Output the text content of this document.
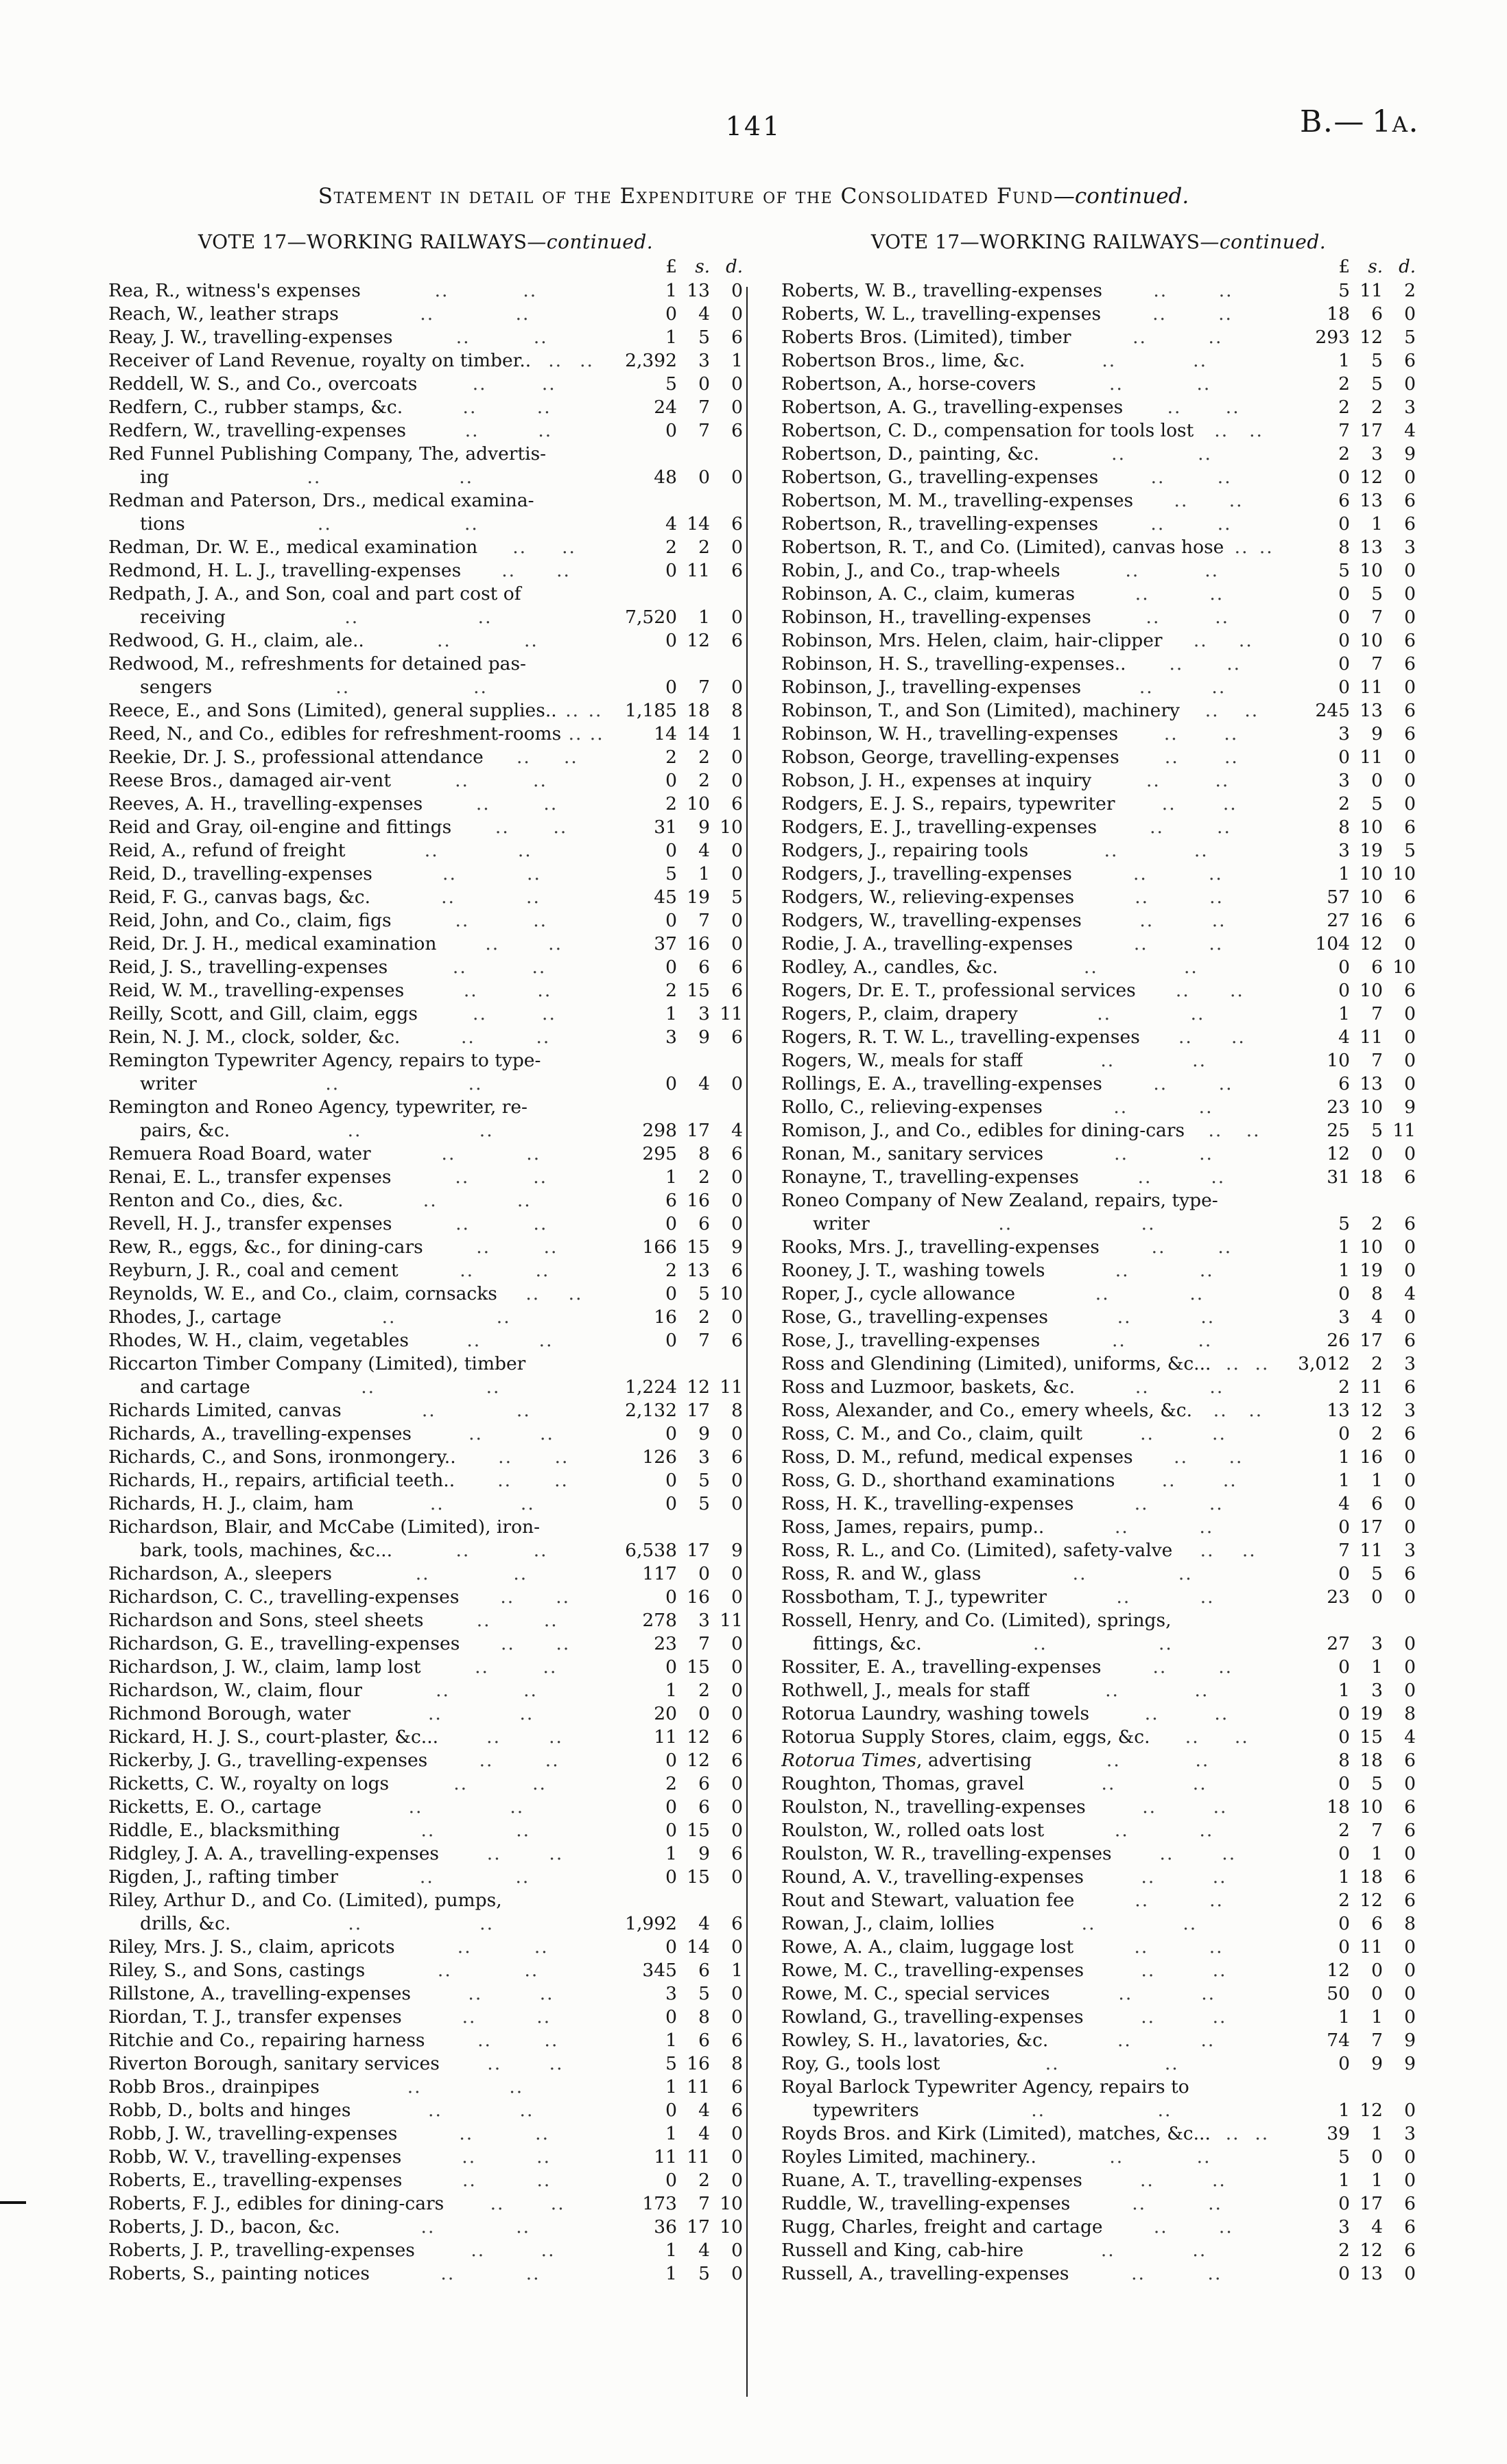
141	B.— 1a.
Statement in detail of the Expenditure of the Consolidated Fund—continued.
VOTE 17—WORKING RAILWAYS—continued.
£	s. d.
Rea, R., witness's expenses	..	..	1 13	0
Reach, W., leather straps	..	..	0	4	0
Reay, J. W., travelling-expenses	..	..	1	5	6
Receiver of Land Revenue, royalty on timber.. .. ..	2,392	3	1
Reddell, W. S., and Co., overcoats	..	..	5	0	0
Redfern, C., rubber stamps, &c.	..	..	24	7	0
Redfern, W., travelling-expenses	..	..	0	7	6
Red Funnel Publishing Company, The, advertis-
ing	..	..	48	0	0
Redman and Paterson, Drs., medical examina-
tions	..	..	4 14	6
Redman, Dr. W. E., medical examination .. ..	2	2	0
Redmond, H. L. J., travelling-expenses .. ..	0 11	6
Redpath, J. A., and Son, coal and part cost of
receiving	..	..	7,520	1	0
Redwood, G. H., claim, ale..	..	..	0 12	6
Redwood, M., refreshments for detained pas-
sengers	..	..	0	7	0
Reece, E., and Sons (Limited), general supplies.. .. ..	1,185 18	8
Reed, N., and Co., edibles for refreshment-rooms .. ..	14 14	1
Reekie, Dr. J. S., professional attendance .. ..	2	2	0
Reese Bros., damaged air-vent	..	..	0	2	0
Reeves, A. H., travelling-expenses	..	..	2 10	6
Reid and Gray, oil-engine and fittings .. ..	31	9 10
Reid, A., refund of freight	..	..	0	4	0
Reid, D., travelling-expenses	..	..	5	1	0
Reid, F. G., canvas bags, &c.	..	..	45 19	5
Reid, John, and Co., claim, figs	..	..	0	7	0
Reid, Dr. J. H., medical examination	..	..	37 16	0
Reid, J. S., travelling-expenses	..	..	0	6	6
Reid, W. M., travelling-expenses	..	..	2 15	6
Reilly, Scott, and Gill, claim, eggs	..	..	1	3 11
Rein, N. J. M., clock, solder, &c.	..	..	3	9	6
Remington Typewriter Agency, repairs to type-
writer	..	..	0	4	0
Remington and Roneo Agency, typewriter, re-
pairs, &c.	..	..	298 17	4
Remuera Road Board, water	..	..	295	8	6
Renai, E. L., transfer expenses	..	..	1	2	0
Renton and Co., dies, &c.	..	..	6 16	0
Revell, H. J., transfer expenses	..	..	0	6	0
Rew, R., eggs, &c., for dining-cars	..	..	166 15	9
Reyburn, J. R., coal and cement	..	..	2 13	6
Reynolds, W. E., and Co., claim, cornsacks .. ..	0	5 10
Rhodes, J., cartage	..	..	16	2	0
Rhodes, W. H., claim, vegetables	..	..	0	7	6
Riccarton Timber Company (Limited), timber
and cartage	..	..	1,224 12 11
Richards Limited, canvas	..	..	2,132 17	8
Richards, A., travelling-expenses	..	..	0	9	0
Richards, C., and Sons, ironmongery.. .. ..	126	3	6
Richards, H., repairs, artificial teeth.. .. ..	0	5	0
Richards, H. J., claim, ham	..	..	0	5	0
Richardson, Blair, and McCabe (Limited), iron-
bark, tools, machines, &c...	..	..	6,538 17	9
Richardson, A., sleepers	..	..	117	0	0
Richardson, C. C., travelling-expenses .. ..	0 16	0
Richardson and Sons, steel sheets	..	..	278	3 11
Richardson, G. E., travelling-expenses .. ..	23	7	0
Richardson, J. W., claim, lamp lost	..	..	0 15	0
Richardson, W., claim, flour	..	..	1	2	0
Richmond Borough, water	..	..	20	0	0
Rickard, H. J. S., court-plaster, &c...	..	..	11 12	6
Rickerby, J. G., travelling-expenses	..	..	0 12	6
Ricketts, C. W., royalty on logs	..	..	2	6	0
Ricketts, E. O., cartage	..	..	0	6	0
Riddle, E., blacksmithing	..	..	0 15	0
Ridgley, J. A. A., travelling-expenses	..	..	1	9	6
Rigden, J., rafting timber	..	..	0 15	0
Riley, Arthur D., and Co. (Limited), pumps,
drills, &c.	..	..	1,992	4	6
Riley, Mrs. J. S., claim, apricots	..	..	0 14	0
Riley, S., and Sons, castings	..	..	345	6	1
Rillstone, A., travelling-expenses	..	..	3	5	0
Riordan, T. J., transfer expenses	..	..	0	8	0
Ritchie and Co., repairing harness	..	..	1	6	6
Riverton Borough, sanitary services	..	..	5 16	8
Robb Bros., drainpipes	..	..	1 11	6
Robb, D., bolts and hinges	..	..	0	4	6
Robb, J. W., travelling-expenses	..	..	1	4	0
Robb, W. V., travelling-expenses	..	..	11 11	0
Roberts, E., travelling-expenses	..	..	0	2	0
Roberts, F. J., edibles for dining-cars	..	..	173	7 10
Roberts, J. D., bacon, &c.	..	..	36 17 10
Roberts, J. P., travelling-expenses	..	..	1	4	0
Roberts, S., painting notices	..	..	1	5	0
VOTE 17—WORKING RAILWAYS—continued.
£	s. d.
Roberts, W. B., travelling-expenses	..	..	5 11	2
Roberts, W. L., travelling-expenses	..	..	18	6	0
Roberts Bros. (Limited), timber	..	..	293 12	5
Robertson Bros., lime, &c.	..	..	1	5	6
Robertson, A., horse-covers	..	..	2	5	0
Robertson, A. G., travelling-expenses .. ..	2	2	3
Robertson, C. D., compensation for tools lost .. ..	7 17	4
Robertson, D., painting, &c.	..	..	2	3	9
Robertson, G., travelling-expenses	..	..	0 12	0
Robertson, M. M., travelling-expenses .. ..	6 13	6
Robertson, R., travelling-expenses	..	..	0	1	6
Robertson, R. T., and Co. (Limited), canvas hose .. ..	8 13	3
Robin, J., and Co., trap-wheels	..	..	5 10	0
Robinson, A. C., claim, kumeras	..	..	0	5	0
Robinson, H., travelling-expenses	..	..	0	7	0
Robinson, Mrs. Helen, claim, hair-clipper .. ..	0 10	6
Robinson, H. S., travelling-expenses.. .. ..	0	7	6
Robinson, J., travelling-expenses	..	..	0 11	0
Robinson, T., and Son (Limited), machinery .. ..	245 13	6
Robinson, W. H., travelling-expenses	..	..	3	9	6
Robson, George, travelling-expenses .. ..	0 11	0
Robson, J. H., expenses at inquiry	..	..	3	0	0
Rodgers, E. J. S., repairs, typewriter	..	..	2	5	0
Rodgers, E. J., travelling-expenses	..	..	8 10	6
Rodgers, J., repairing tools	..	..	3 19	5
Rodgers, J., travelling-expenses	..	..	1 10 10
Rodgers, W., relieving-expenses	..	..	57 10	6
Rodgers, W., travelling-expenses	..	..	27 16	6
Rodie, J. A., travelling-expenses	..	..	104 12	0
Rodley, A., candles, &c.	..	..	0	6 10
Rogers, Dr. E. T., professional services .. ..	0 10	6
Rogers, P., claim, drapery	..	..	1	7	0
Rogers, R. T. W. L., travelling-expenses .. ..	4 11	0
Rogers, W., meals for staff	..	..	10	7	0
Rollings, E. A., travelling-expenses	..	..	6 13	0
Rollo, C., relieving-expenses	..	..	23 10	9
Romison, J., and Co., edibles for dining-cars .. ..	25	5 11
Ronan, M., sanitary services	..	..	12	0	0
Ronayne, T., travelling-expenses	..	..	31 18	6
Roneo Company of New Zealand, repairs, type-
writer	..	..	5	2	6
Rooks, Mrs. J., travelling-expenses	..	..	1 10	0
Rooney, J. T., washing towels	..	..	1 19	0
Roper, J., cycle allowance	..	..	0	8	4
Rose, G., travelling-expenses	..	..	3	4	0
Rose, J., travelling-expenses	..	..	26 17	6
Ross and Glendining (Limited), uniforms, &c... .. ..	3,012	2	3
Ross and Luzmoor, baskets, &c.	..	..	2 11	6
Ross, Alexander, and Co., emery wheels, &c. .. ..	13 12	3
Ross, C. M., and Co., claim, quilt	..	..	0	2	6
Ross, D. M., refund, medical expenses .. ..	1 16	0
Ross, G. D., shorthand examinations	..	..	1	1	0
Ross, H. K., travelling-expenses	..	..	4	6	0
Ross, James, repairs, pump..	..	..	0 17	0
Ross, R. L., and Co. (Limited), safety-valve .. ..	7 11	3
Ross, R. and W., glass	..	..	0	5	6
Rossbotham, T. J., typewriter	..	..	23	0	0
Rossell, Henry, and Co. (Limited), springs,
fittings, &c.	..	..	27	3	0
Rossiter, E. A., travelling-expenses	..	..	0	1	0
Rothwell, J., meals for staff	..	..	1	3	0
Rotorua Laundry, washing towels	..	..	0 19	8
Rotorua Supply Stores, claim, eggs, &c. .. ..	0 15	4
Rotorua Times, advertising	..	..	8 18	6
Roughton, Thomas, gravel	..	..	0	5	0
Roulston, N., travelling-expenses	..	..	18 10	6
Roulston, W., rolled oats lost	..	..	2	7	6
Roulston, W. R., travelling-expenses	..	..	0	1	0
Round, A. V., travelling-expenses	..	..	1 18	6
Rout and Stewart, valuation fee	..	..	2 12	6
Rowan, J., claim, lollies	..	..	0	6	8
Rowe, A. A., claim, luggage lost	..	..	0 11	0
Rowe, M. C., travelling-expenses	..	..	12	0	0
Rowe, M. C., special services	..	..	50	0	0
Rowland, G., travelling-expenses	..	..	1	1	0
Rowley, S. H., lavatories, &c.	..	..	74	7	9
Roy, G., tools lost	..	..	0	9	9
Royal Barlock Typewriter Agency, repairs to
typewriters	..	..	1 12	0
Royds Bros. and Kirk (Limited), matches, &c... .. ..	39	1	3
Royles Limited, machinery..	..	..	5	0	0
Ruane, A. T., travelling-expenses	..	..	1	1	0
Ruddle, W., travelling-expenses	..	..	0 17	6
Rugg, Charles, freight and cartage	..	..	3	4	6
Russell and King, cab-hire	..	..	2 12	6
Russell, A., travelling-expenses	..	..	0 13	0
